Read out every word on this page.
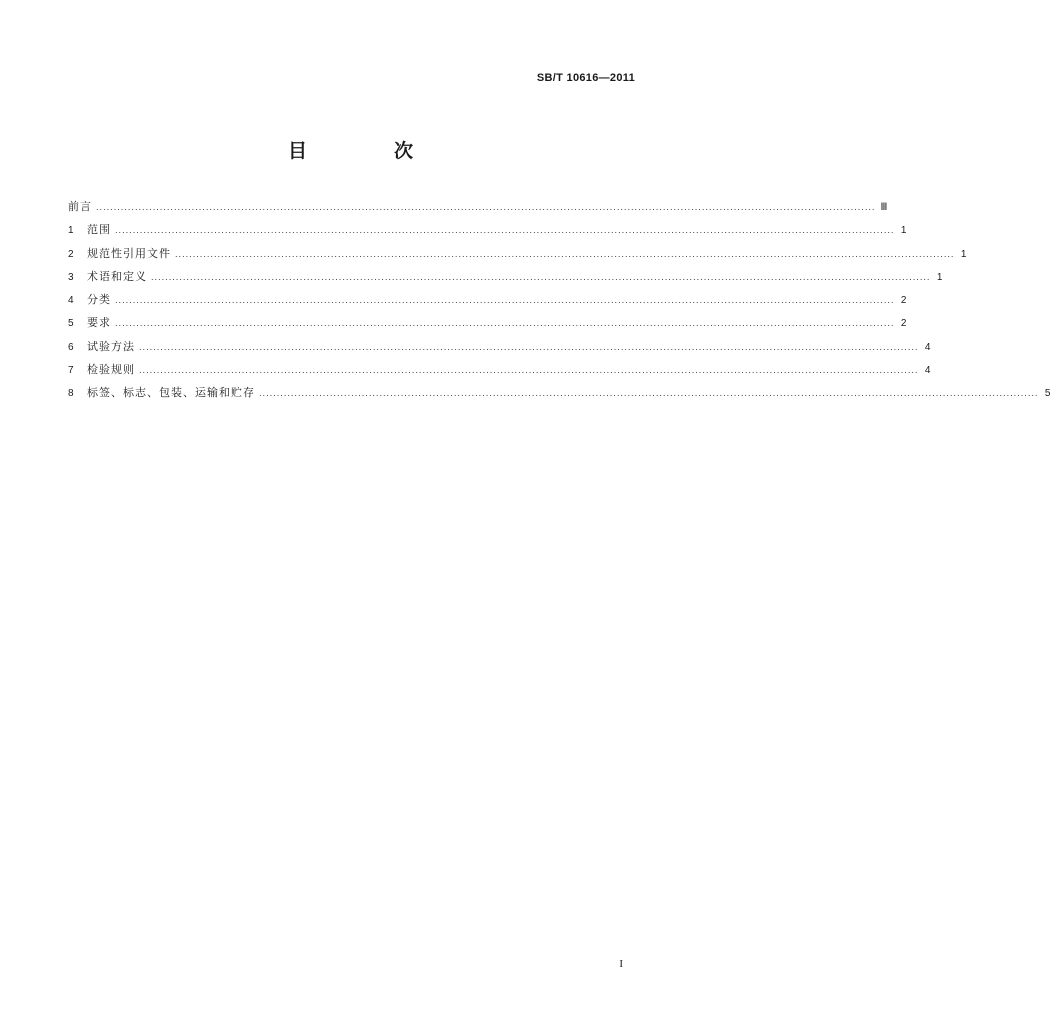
SB/T 10616—2011
目　次
前言 ............................................................................................................................................................................................................................ Ⅲ
1	范围 ............................................................................................................................................................................................................................ 1
2	规范性引用文件 ............................................................................................................................................................................................................................ 1
3	术语和定义 ............................................................................................................................................................................................................................ 1
4	分类 ............................................................................................................................................................................................................................ 2
5	要求 ............................................................................................................................................................................................................................ 2
6	试验方法 ............................................................................................................................................................................................................................ 4
7	检验规则 ............................................................................................................................................................................................................................ 4
8	标签、标志、包装、运输和贮存 ............................................................................................................................................................................................................................ 5
I
